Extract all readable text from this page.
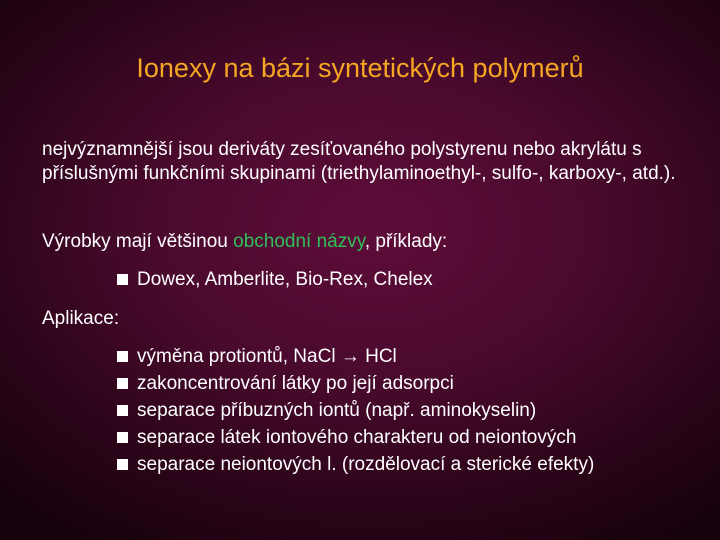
Ionexy na bázi syntetických polymerů

nejvýznamnější jsou deriváty zesíťovaného polystyrenu nebo akrylátu s příslušnými funkčními skupinami (triethylaminoethyl-, sulfo-, karboxy-, atd.).

Výrobky mají většinou obchodní názvy, příklady:

Dowex, Amberlite, Bio-Rex, Chelex

Aplikace:

výměna protiontů, NaCl → HCl
zakoncentrování látky po její adsorpci
separace příbuzných iontů (např. aminokyselin)
separace látek iontového charakteru od neiontových
separace neiontových l. (rozdělovací a sterické efekty)
